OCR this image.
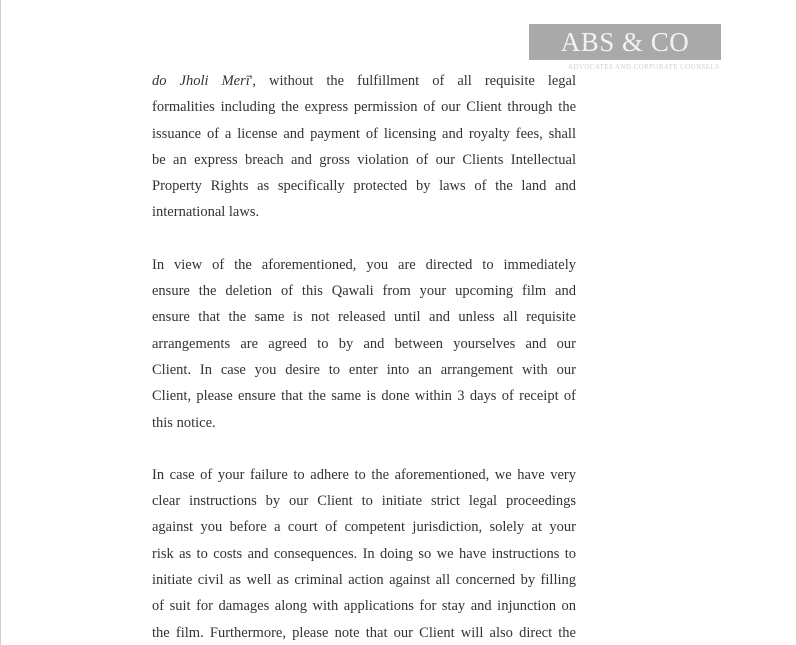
ABS & CO
ADVOCATES AND CORPORATE COUNSELS

do Jholi Merī', without the fulfillment of all requisite legal
formalities including the express permission of our Client through the
issuance of a license and payment of licensing and royalty fees, shall
be an express breach and gross violation of our Clients Intellectual
Property Rights as specifically protected by laws of the land and
international laws.

In view of the aforementioned, you are directed to immediately
ensure the deletion of this Qawali from your upcoming film and
ensure that the same is not released until and unless all requisite
arrangements are agreed to by and between yourselves and our
Client. In case you desire to enter into an arrangement with our
Client, please ensure that the same is done within 3 days of receipt of
this notice.

In case of your failure to adhere to the aforementioned, we have very
clear instructions by our Client to initiate strict legal proceedings
against you before a court of competent jurisdiction, solely at your
risk as to costs and consequences. In doing so we have instructions to
initiate civil as well as criminal action against all concerned by filling
of suit for damages along with applications for stay and injunction on
the film. Furthermore, please note that our Client will also direct the
